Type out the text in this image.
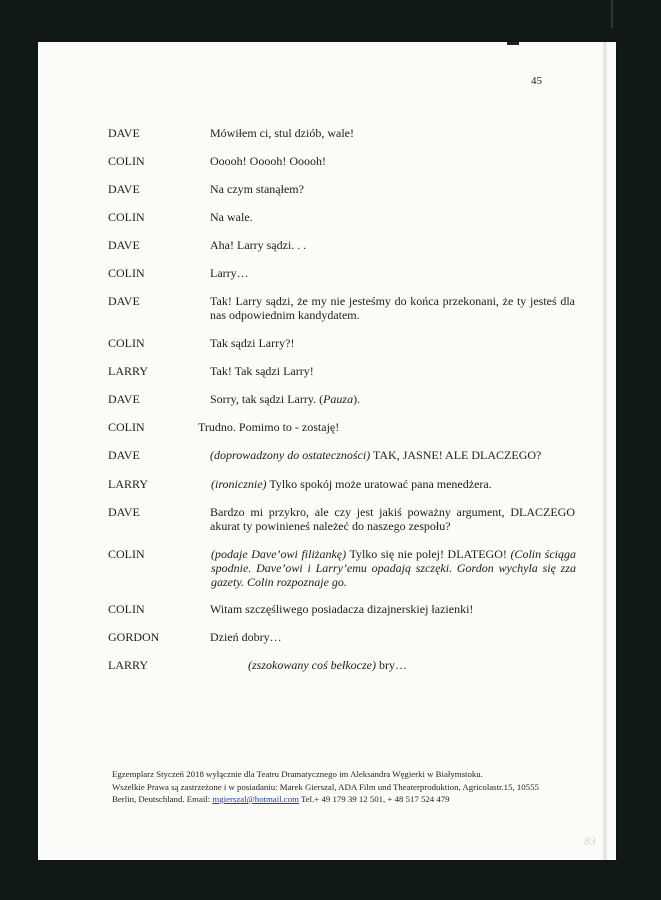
45
DAVE	Mówiłem ci, stul dziób, wale!
COLIN	Ooooh! Ooooh! Ooooh!
DAVE	Na czym stanąłem?
COLIN	Na wale.
DAVE	Aha! Larry sądzi. . .
COLIN	Larry…
DAVE	Tak! Larry sądzi, że my nie jesteśmy do końca przekonani, że ty jesteś dla nas odpowiednim kandydatem.
COLIN	Tak sądzi Larry?!
LARRY	Tak! Tak sądzi Larry!
DAVE	Sorry, tak sądzi Larry. (Pauza).
COLIN	Trudno. Pomimo to - zostaję!
DAVE	(doprowadzony do ostateczności) TAK, JASNE! ALE DLACZEGO?
LARRY	(ironicznie) Tylko spokój może uratować pana menedżera.
DAVE	Bardzo mi przykro, ale czy jest jakiś poważny argument, DLACZEGO akurat ty powinieneś należeć do naszego zespołu?
COLIN	(podaje Dave’owi filiżankę) Tylko się nie polej! DLATEGO! (Colin ściąga spodnie. Dave’owi i Larry’emu opadają szczęki. Gordon wychyla się zza gazety. Colin rozpoznaje go.
COLIN	Witam szczęśliwego posiadacza dizajnerskiej łazienki!
GORDON	Dzień dobry…
LARRY	(zszokowany coś bełkocze) bry…
Egzemplarz Styczeń 2018 wyłącznie dla Teatru Dramatycznego im Aleksandra Węgierki w Białymstoku.
Wszelkie Prawa są zastrzeżone i w posiadaniu: Marek Gierszal, ADA Film und Theaterproduktion, Agricolastr.15, 10555
Berlin, Deutschland. Email: mgierszal@hotmail.com Tel.+ 49 179 39 12 501, + 48 517 524 479
83
